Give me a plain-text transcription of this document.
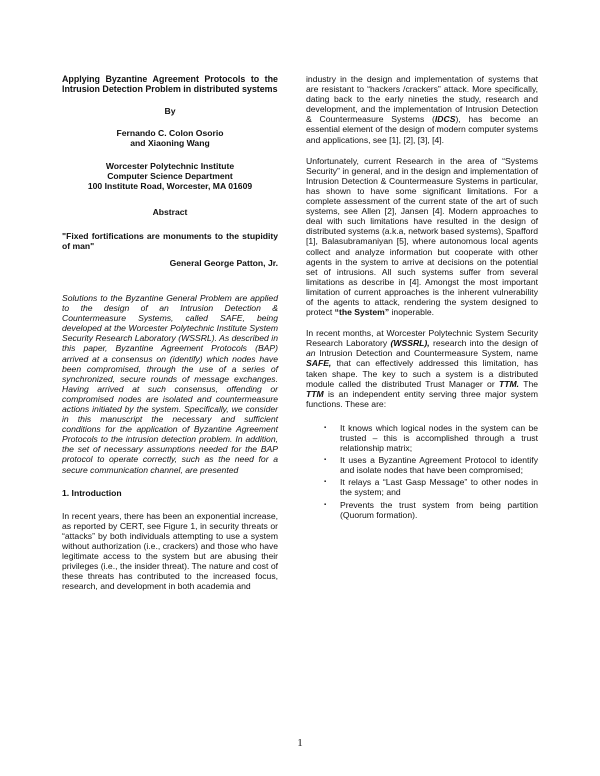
Applying Byzantine Agreement Protocols to the Intrusion Detection Problem in distributed systems

By

Fernando C. Colon Osorio

and Xiaoning Wang

Worcester Polytechnic Institute

Computer Science Department

100 Institute Road, Worcester, MA 01609

Abstract

"Fixed fortifications are monuments to the stupidity of man"

General George Patton, Jr.

Solutions to the Byzantine General Problem are applied to the design of an Intrusion Detection & Countermeasure Systems, called SAFE, being developed at the Worcester Polytechnic Institute System Security Research Laboratory (WSSRL). As described in this paper, Byzantine Agreement Protocols (BAP) arrived at a consensus on (identify) which nodes have been compromised, through the use of a series of synchronized, secure rounds of message exchanges. Having arrived at such consensus, offending or compromised nodes are isolated and countermeasure actions initiated by the system. Specifically, we consider in this manuscript the necessary and sufficient conditions for the application of Byzantine Agreement Protocols to the intrusion detection problem. In addition, the set of necessary assumptions needed for the BAP protocol to operate correctly, such as the need for a secure communication channel, are presented

1. Introduction

In recent years, there has been an exponential increase, as reported by CERT, see Figure 1, in security threats or “attacks” by both individuals attempting to use a system without authorization (i.e., crackers) and those who have legitimate access to the system but are abusing their privileges (i.e., the insider threat). The nature and cost of these threats has contributed to the increased focus, research, and development in both academia and

industry in the design and implementation of systems that are resistant to “hackers /crackers” attack. More specifically, dating back to the early nineties the study, research and development, and the implementation of Intrusion Detection & Countermeasure Systems (IDCS), has become an essential element of the design of modern computer systems and applications, see [1], [2], [3], [4].

Unfortunately, current Research in the area of “Systems Security” in general, and in the design and implementation of Intrusion Detection & Countermeasure Systems in particular, has shown to have some significant limitations. For a complete assessment of the current state of the art of such systems, see Allen [2], Jansen [4]. Modern approaches to deal with such limitations have resulted in the design of distributed systems (a.k.a, network based systems), Spafford [1], Balasubramaniyan [5], where autonomous local agents collect and analyze information but cooperate with other agents in the system to arrive at decisions on the potential set of intrusions. All such systems suffer from several limitations as describe in [4]. Amongst the most important limitation of current approaches is the inherent vulnerability of the agents to attack, rendering the system designed to protect “the System” inoperable.

In recent months, at Worcester Polytechnic System Security Research Laboratory (WSSRL), research into the design of an Intrusion Detection and Countermeasure System, name SAFE, that can effectively addressed this limitation, has taken shape. The key to such a system is a distributed module called the distributed Trust Manager or TTM. The TTM is an independent entity serving three major system functions. These are:

▪ It knows which logical nodes in the system can be trusted – this is accomplished through a trust relationship matrix;
▪ It uses a Byzantine Agreement Protocol to identify and isolate nodes that have been compromised;
▪ It relays a “Last Gasp Message” to other nodes in the system; and
▪ Prevents the trust system from being partition (Quorum formation).
1
